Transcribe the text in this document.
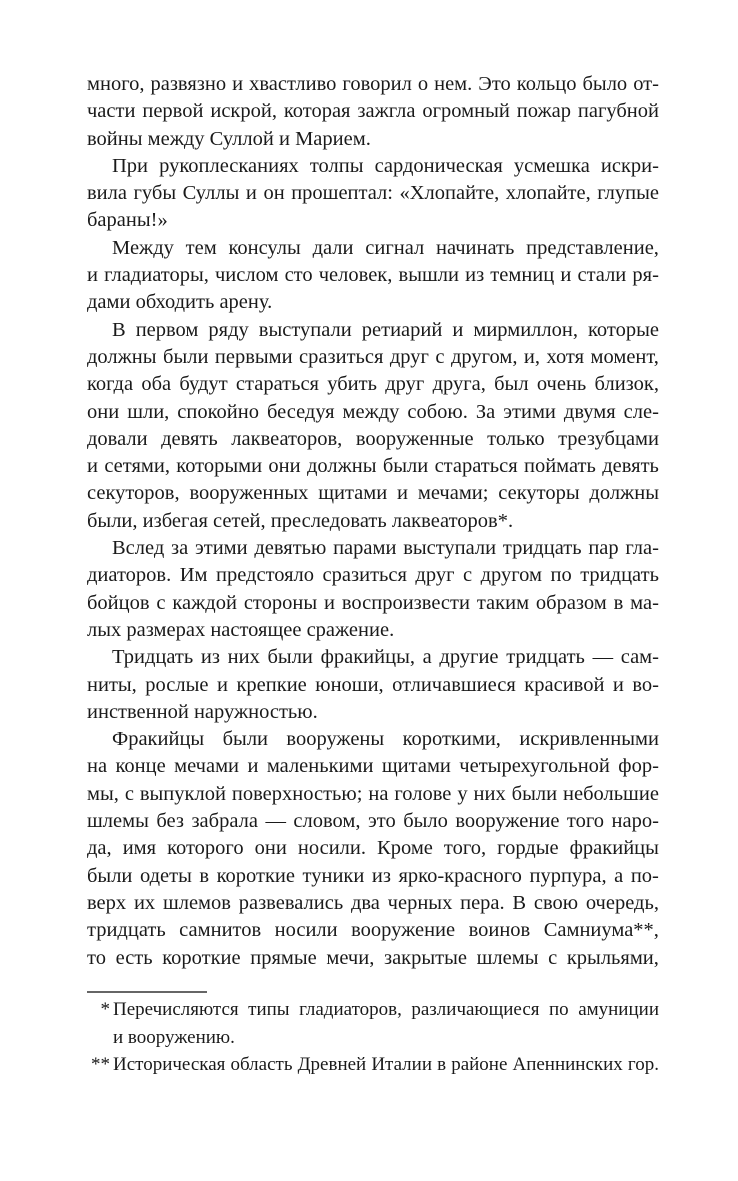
много, развязно и хвастливо говорил о нем. Это кольцо было от-
части первой искрой, которая зажгла огромный пожар пагубной
войны между Суллой и Марием.
При рукоплесканиях толпы сардоническая усмешка искри-
вила губы Суллы и он прошептал: «Хлопайте, хлопайте, глупые
бараны!»
Между тем консулы дали сигнал начинать представление,
и гладиаторы, числом сто человек, вышли из темниц и стали ря-
дами обходить арену.
В первом ряду выступали ретиарий и мирмиллон, которые
должны были первыми сразиться друг с другом, и, хотя момент,
когда оба будут стараться убить друг друга, был очень близок,
они шли, спокойно беседуя между собою. За этими двумя сле-
довали девять лаквеаторов, вооруженные только трезубцами
и сетями, которыми они должны были стараться поймать девять
секуторов, вооруженных щитами и мечами; секуторы должны
были, избегая сетей, преследовать лаквеаторов*.
Вслед за этими девятью парами выступали тридцать пар гла-
диаторов. Им предстояло сразиться друг с другом по тридцать
бойцов с каждой стороны и воспроизвести таким образом в ма-
лых размерах настоящее сражение.
Тридцать из них были фракийцы, а другие тридцать — сам-
ниты, рослые и крепкие юноши, отличавшиеся красивой и во-
инственной наружностью.
Фракийцы были вооружены короткими, искривленными
на конце мечами и маленькими щитами четырехугольной фор-
мы, с выпуклой поверхностью; на голове у них были небольшие
шлемы без забрала — словом, это было вооружение того наро-
да, имя которого они носили. Кроме того, гордые фракийцы
были одеты в короткие туники из ярко-красного пурпура, а по-
верх их шлемов развевались два черных пера. В свою очередь,
тридцать самнитов носили вооружение воинов Самниума**,
то есть короткие прямые мечи, закрытые шлемы с крыльями,
* Перечисляются типы гладиаторов, различающиеся по амуниции
и вооружению.
** Историческая область Древней Италии в районе Апеннинских гор.
